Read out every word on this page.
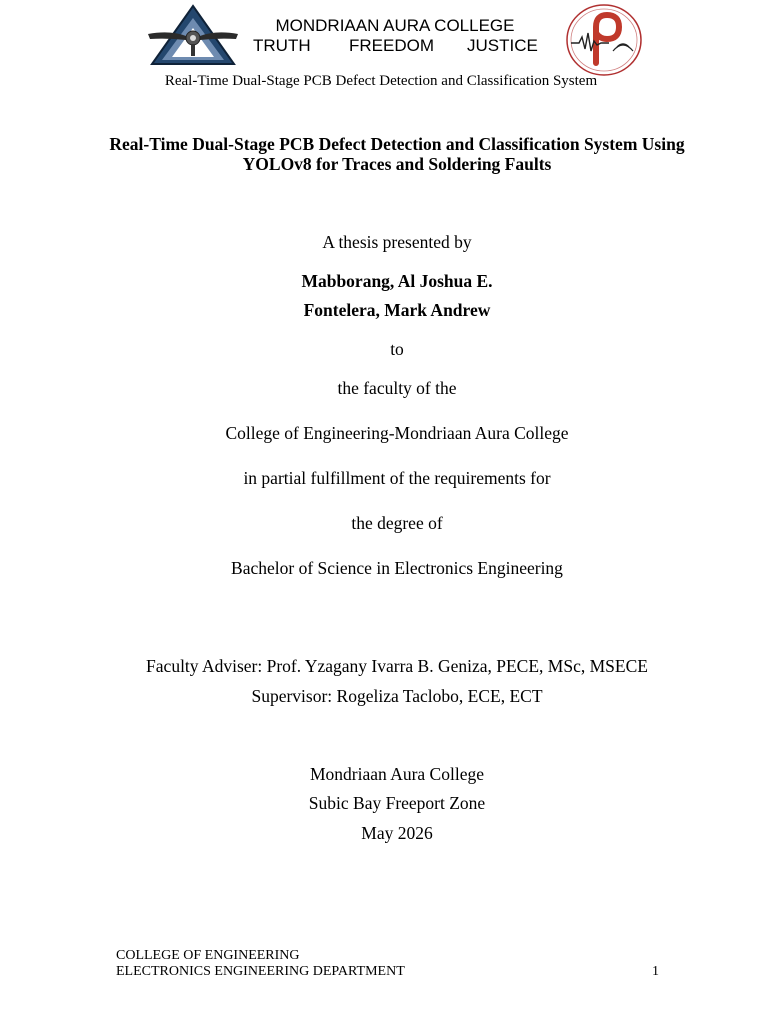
MONDRIAAN AURA COLLEGE
TRUTH FREEDOM JUSTICE
Real-Time Dual-Stage PCB Defect Detection and Classification System
Real-Time Dual-Stage PCB Defect Detection and Classification System Using
YOLOv8 for Traces and Soldering Faults
A thesis presented by
Mabborang, Al Joshua E.
Fontelera, Mark Andrew
to
the faculty of the
College of Engineering-Mondriaan Aura College
in partial fulfillment of the requirements for
the degree of
Bachelor of Science in Electronics Engineering
Faculty Adviser: Prof. Yzagany Ivarra B. Geniza, PECE, MSc, MSECE
Supervisor: Rogeliza Taclobo, ECE, ECT
Mondriaan Aura College
Subic Bay Freeport Zone
May 2026
COLLEGE OF ENGINEERING
ELECTRONICS ENGINEERING DEPARTMENT	1
